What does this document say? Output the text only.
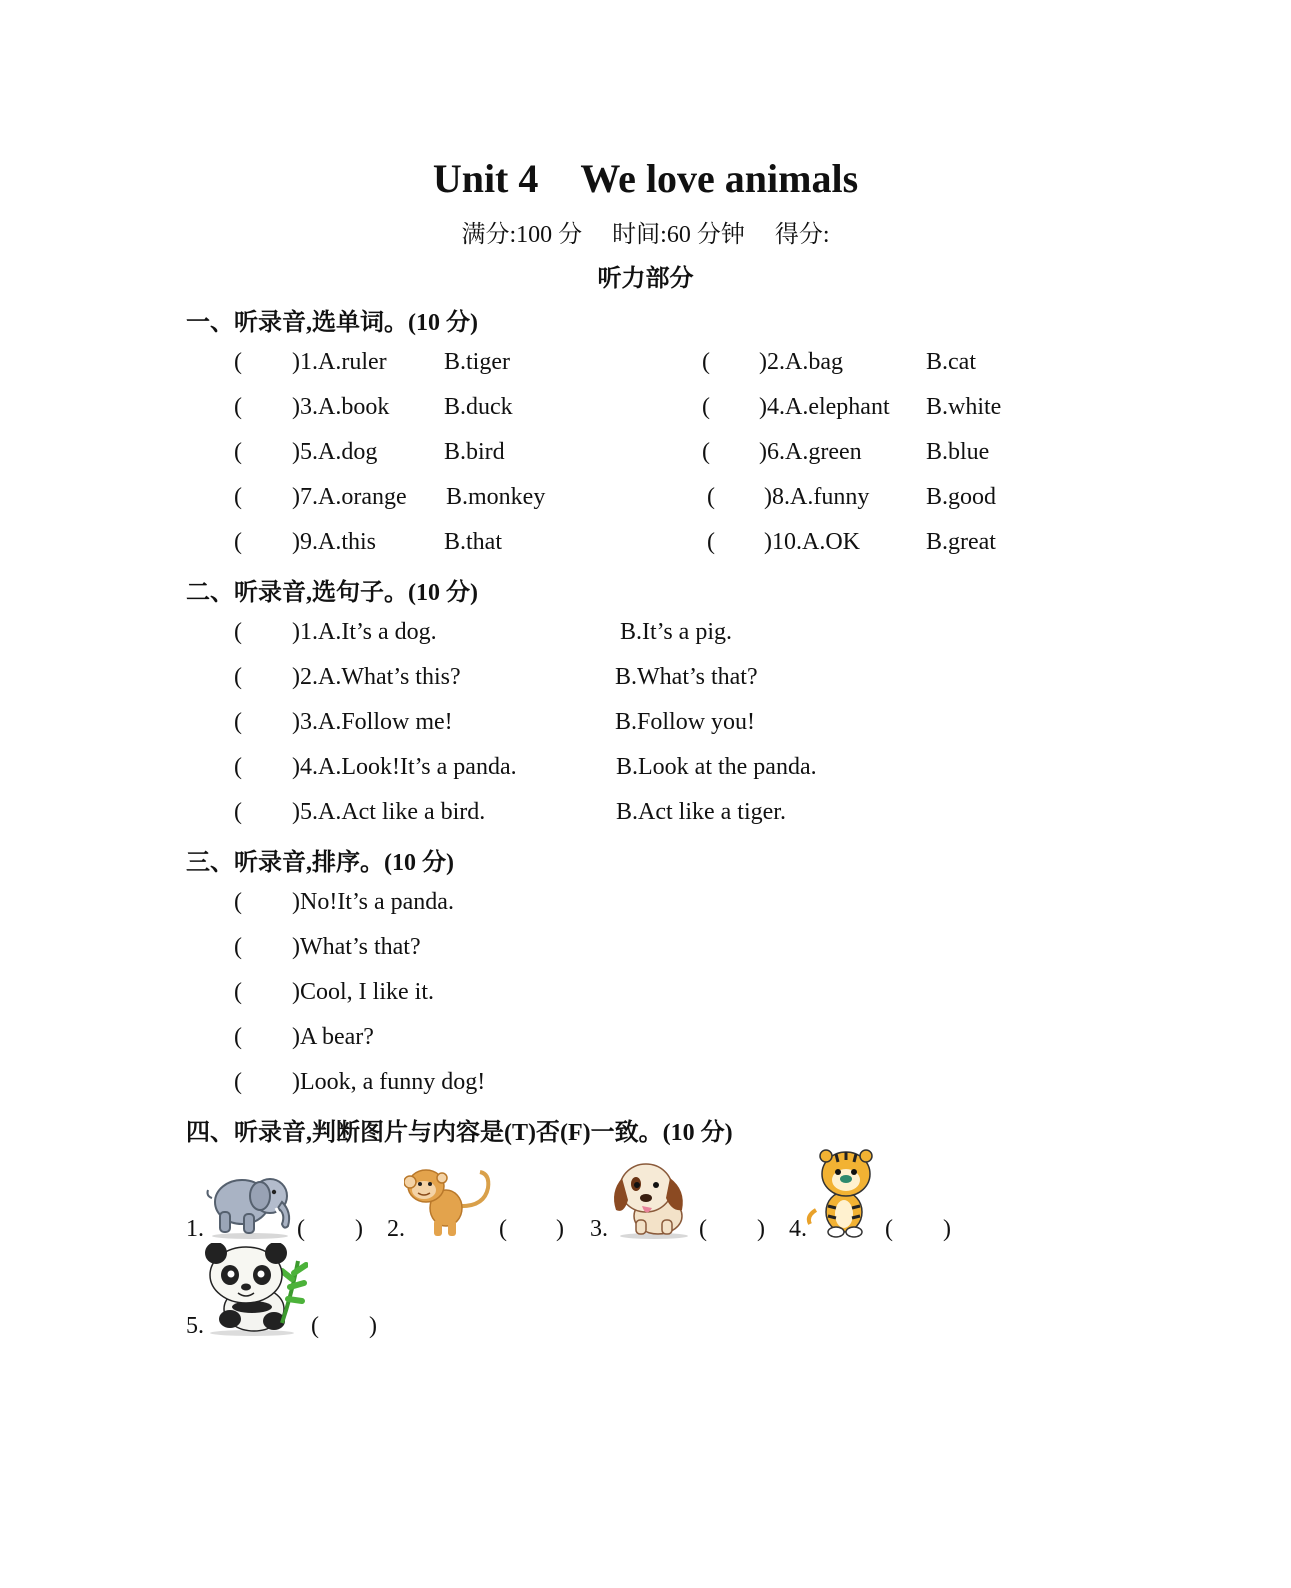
Unit 4 We love animals
满分:100 分 时间:60 分钟 得分:
听力部分
一、听录音,选单词。(10 分)
( )1.A.ruler B.tiger	( )2.A.bag	B.cat
( )3.A.book B.duck	( )4.A.elephant B.white
( )5.A.dog	B.bird	( )6.A.green	B.blue
( )7.A.orange B.monkey	( )8.A.funny B.good
( )9.A.this	B.that	( )10.A.OK	B.great
二、听录音,选句子。(10 分)
( )1.A.It’s a dog.	B.It’s a pig.
( )2.A.What’s this?	B.What’s that?
( )3.A.Follow me!	B.Follow you!
( )4.A.Look!It’s a panda.	B.Look at the panda.
( )5.A.Act like a bird.	B.Act like a tiger.
三、听录音,排序。(10 分)
( )No!It’s a panda.
( )What’s that?
( )Cool, I like it.
( )A bear?
( )Look, a funny dog!
四、听录音,判断图片与内容是(T)否(F)一致。(10 分)
1.	( ) 2.	( ) 3.	( ) 4.	( )
5.	( )
